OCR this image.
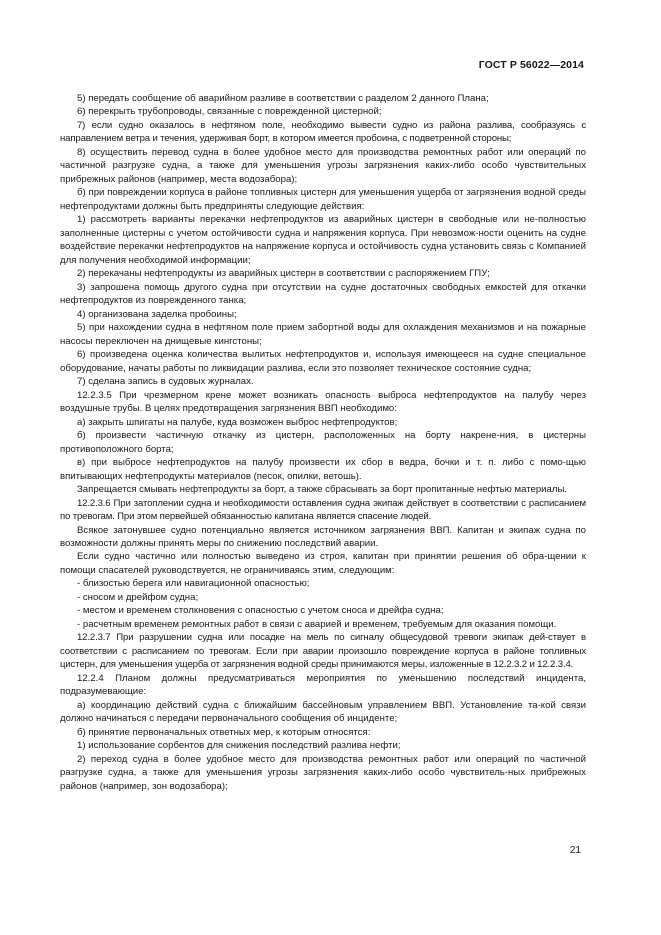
ГОСТ Р 56022—2014

5) передать сообщение об аварийном разливе в соответствии с разделом 2 данного Плана;

6) перекрыть трубопроводы, связанные с поврежденной цистерной;

7) если судно оказалось в нефтяном поле, необходимо вывести судно из района разлива, сообразуясь с направлением ветра и течения, удерживая борт, в котором имеется пробоина, с подветренной стороны;

8) осуществить перевод судна в более удобное место для производства ремонтных работ или операций по частичной разгрузке судна, а также для уменьшения угрозы загрязнения каких-либо особо чувствительных прибрежных районов (например, места водозабора);

б) при повреждении корпуса в районе топливных цистерн для уменьшения ущерба от загрязнения водной среды нефтепродуктами должны быть предприняты следующие действия:

1) рассмотреть варианты перекачки нефтепродуктов из аварийных цистерн в свободные или не-полностью заполненные цистерны с учетом остойчивости судна и напряжения корпуса. При невозмож-ности оценить на судне воздействие перекачки нефтепродуктов на напряжение корпуса и остойчивость судна установить связь с Компанией для получения необходимой информации;

2) перекачаны нефтепродукты из аварийных цистерн в соответствии с распоряжением ГПУ;

3) запрошена помощь другого судна при отсутствии на судне достаточных свободных емкостей для откачки нефтепродуктов из поврежденного танка;

4) организована заделка пробоины;

5) при нахождении судна в нефтяном поле прием забортной воды для охлаждения механизмов и на пожарные насосы переключен на днищевые кингстоны;

6) произведена оценка количества вылитых нефтепродуктов и, используя имеющееся на судне специальное оборудование, начаты работы по ликвидации разлива, если это позволяет техническое состояние судна;

7) сделана запись в судовых журналах.

12.2.3.5 При чрезмерном крене может возникать опасность выброса нефтепродуктов на палубу через воздушные трубы. В целях предотвращения загрязнения ВВП необходимо:

а) закрыть шпигаты на палубе, куда возможен выброс нефтепродуктов;

б) произвести частичную откачку из цистерн, расположенных на борту накрене-ния, в цистерны противоположного борта;

в) при выбросе нефтепродуктов на палубу произвести их сбор в ведра, бочки и т. п. либо с помо-щью впитывающих нефтепродукты материалов (песок, опилки, ветошь).

Запрещается смывать нефтепродукты за борт, а также сбрасывать за борт пропитанные нефтью материалы.

12.2.3.6 При затоплении судна и необходимости оставления судна экипаж действует в соответствии с расписанием по тревогам. При этом первейшей обязанностью капитана является спасение людей.

Всякое затонувшее судно потенциально является источником загрязнения ВВП. Капитан и экипаж судна по возможности должны принять меры по снижению последствий аварии.

Если судно частично или полностью выведено из строя, капитан при принятии решения об обра-щении к помощи спасателей руководствуется, не ограничиваясь этим, следующим:

- близостью берега или навигационной опасностью;

- сносом и дрейфом судна;

- местом и временем столкновения с опасностью с учетом сноса и дрейфа судна;

- расчетным временем ремонтных работ в связи с аварией и временем, требуемым для оказания помощи.

12.2.3.7 При разрушении судна или посадке на мель по сигналу общесудовой тревоги экипаж дей-ствует в соответствии с расписанием по тревогам. Если при аварии произошло повреждение корпуса в районе топливных цистерн, для уменьшения ущерба от загрязнения водной среды принимаются меры, изложенные в 12.2.3.2 и 12.2.3.4.

12.2.4 Планом должны предусматриваться мероприятия по уменьшению последствий инцидента, подразумевающие:

а) координацию действий судна с ближайшим бассейновым управлением ВВП. Установление та-кой связи должно начинаться с передачи первоначального сообщения об инциденте;

б) принятие первоначальных ответных мер, к которым относятся:

1) использование сорбентов для снижения последствий разлива нефти;

2) переход судна в более удобное место для производства ремонтных работ или операций по частичной разгрузке судна, а также для уменьшения угрозы загрязнения каких-либо особо чувствитель-ных прибрежных районов (например, зон водозабора);

21
